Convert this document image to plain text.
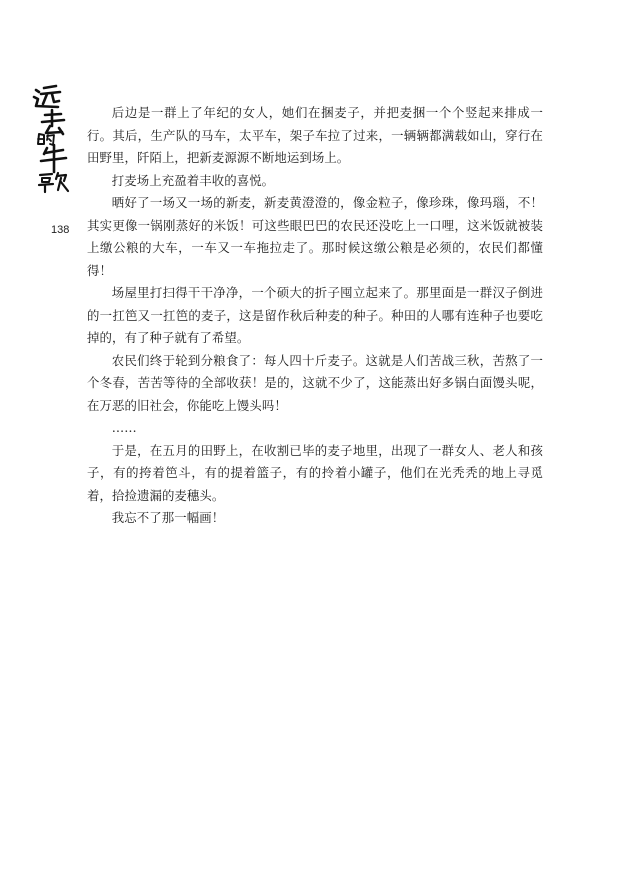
138

后边是一群上了年纪的女人，她们在捆麦子，并把麦捆一个个竖起来排成一行。其后，生产队的马车，太平车，架子车拉了过来，一辆辆都满载如山，穿行在田野里，阡陌上，把新麦源源不断地运到场上。

打麦场上充盈着丰收的喜悦。

晒好了一场又一场的新麦，新麦黄澄澄的，像金粒子，像珍珠，像玛瑙，不！其实更像一锅刚蒸好的米饭！可这些眼巴巴的农民还没吃上一口哩，这米饭就被装上缴公粮的大车，一车又一车拖拉走了。那时候这缴公粮是必须的，农民们都懂得！

场屋里打扫得干干净净，一个硕大的折子囤立起来了。那里面是一群汉子倒进的一扛笆又一扛笆的麦子，这是留作秋后种麦的种子。种田的人哪有连种子也要吃掉的，有了种子就有了希望。

农民们终于轮到分粮食了：每人四十斤麦子。这就是人们苦战三秋，苦熬了一个冬春，苦苦等待的全部收获！是的，这就不少了，这能蒸出好多锅白面馒头呢，在万恶的旧社会，你能吃上馒头吗！

……

于是，在五月的田野上，在收割已毕的麦子地里，出现了一群女人、老人和孩子，有的挎着笆斗，有的提着篮子，有的拎着小罐子，他们在光秃秃的地上寻觅着，拾捡遗漏的麦穗头。

我忘不了那一幅画！
